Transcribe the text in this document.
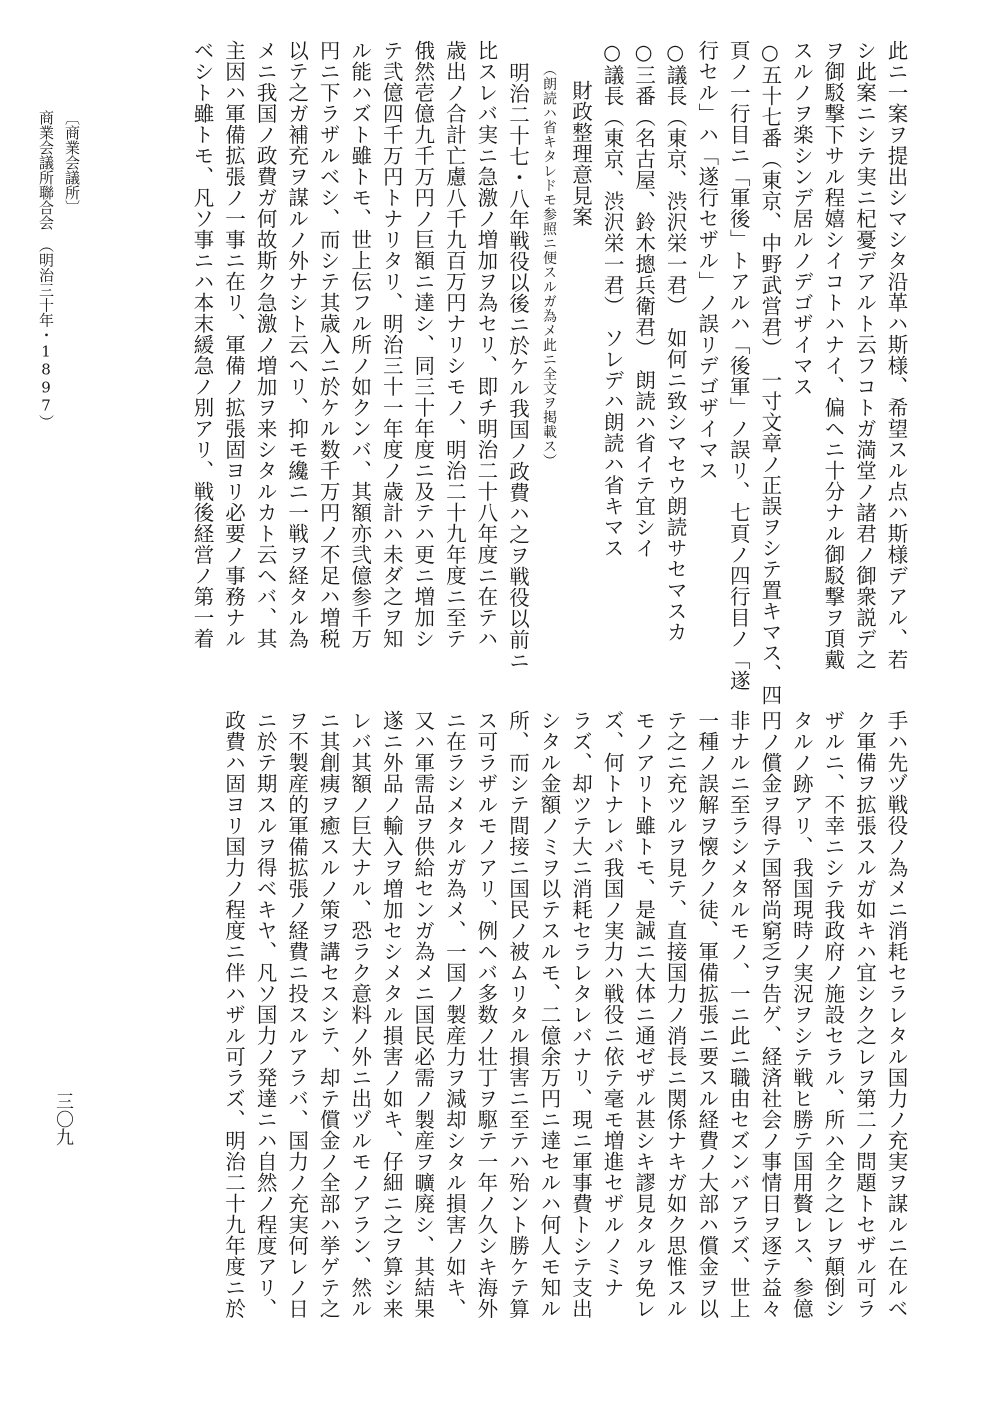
此ニ一案ヲ提出シマシタ沿革ハ斯様、希望スル点ハ斯様デアル、若
シ此案ニシテ実ニ杞憂デアルト云フコトガ満堂ノ諸君ノ御衆説デ之
ヲ御駁撃下サル程嬉シイコトハナイ、偏ヘニ十分ナル御駁撃ヲ頂戴
スルノヲ楽シンデ居ルノデゴザイマス
○五十七番（東京、中野武営君）　一寸文章ノ正誤ヲシテ置キマス、四
頁ノ一行目ニ「軍後」トアルハ「後軍」ノ誤リ、七頁ノ四行目ノ「遂
行セル」ハ「遂行セザル」ノ誤リデゴザイマス
○議長（東京、渋沢栄一君）　如何ニ致シマセウ朗読サセマスカ
○三番（名古屋、鈴木摠兵衛君）　朗読ハ省イテ宜シイ
○議長（東京、渋沢栄一君）　ソレデハ朗読ハ省キマス
財政整理意見案
（朗読ハ省キタレドモ参照ニ便スルガ為メ此ニ全文ヲ掲載ス）
明治二十七・八年戦役以後ニ於ケル我国ノ政費ハ之ヲ戦役以前ニ
比スレバ実ニ急激ノ増加ヲ為セリ、即チ明治二十八年度ニ在テハ
歳出ノ合計亡慮八千九百万円ナリシモノ、明治二十九年度ニ至テ
俄然壱億九千万円ノ巨額ニ達シ、同三十年度ニ及テハ更ニ増加シ
テ弐億四千万円トナリタリ、明治三十一年度ノ歳計ハ未ダ之ヲ知
ル能ハズト雖トモ、世上伝フル所ノ如クンバ、其額亦弐億参千万
円ニ下ラザルベシ、而シテ其歳入ニ於ケル数千万円ノ不足ハ増税
以テ之ガ補充ヲ謀ルノ外ナシト云ヘリ、抑モ纔ニ一戦ヲ経タル為
メニ我国ノ政費ガ何故斯ク急激ノ増加ヲ来シタルカト云ヘバ、其
主因ハ軍備拡張ノ一事ニ在リ、軍備ノ拡張固ヨリ必要ノ事務ナル
ベシト雖トモ、凡ソ事ニハ本末緩急ノ別アリ、戦後経営ノ第一着
手ハ先ヅ戦役ノ為メニ消耗セラレタル国力ノ充実ヲ謀ルニ在ルベ
ク軍備ヲ拡張スルガ如キハ宜シク之レヲ第二ノ問題トセザル可ラ
ザルニ、不幸ニシテ我政府ノ施設セラル、所ハ全ク之レヲ顛倒シ
タルノ跡アリ、我国現時ノ実況ヲシテ戦ヒ勝テ国用贅レス、参億
円ノ償金ヲ得テ国帑尚窮乏ヲ告ゲ、経済社会ノ事情日ヲ逐テ益々
非ナルニ至ラシメタルモノ、一ニ此ニ職由セズンバアラズ、世上
一種ノ誤解ヲ懐クノ徒、軍備拡張ニ要スル経費ノ大部ハ償金ヲ以
テ之ニ充ツルヲ見テ、直接国力ノ消長ニ関係ナキガ如ク思惟スル
モノアリト雖トモ、是誠ニ大体ニ通ゼザル甚シキ謬見タルヲ免レ
ズ、何トナレバ我国ノ実力ハ戦役ニ依テ毫モ増進セザルノミナ
ラズ、却ツテ大ニ消耗セラレタレバナリ、現ニ軍事費トシテ支出
シタル金額ノミヲ以テスルモ、二億余万円ニ達セルハ何人モ知ル
所、而シテ間接ニ国民ノ被ムリタル損害ニ至テハ殆ント勝ケテ算
ス可ラザルモノアリ、例ヘバ多数ノ壮丁ヲ駆テ一年ノ久シキ海外
ニ在ラシメタルガ為メ、一国ノ製産力ヲ減却シタル損害ノ如キ、
又ハ軍需品ヲ供給センガ為メニ国民必需ノ製産ヲ曠廃シ、其結果
遂ニ外品ノ輸入ヲ増加セシメタル損害ノ如キ、仔細ニ之ヲ算シ来
レバ其額ノ巨大ナル、恐ラク意料ノ外ニ出ヅルモノアラン、然ル
ニ其創痍ヲ癒スルノ策ヲ講セスシテ、却テ償金ノ全部ハ挙ゲテ之
ヲ不製産的軍備拡張ノ経費ニ投スルアラバ、国力ノ充実何レノ日
ニ於テ期スルヲ得ベキヤ、凡ソ国力ノ発達ニハ自然ノ程度アリ、
政費ハ固ヨリ国力ノ程度ニ伴ハザル可ラズ、明治二十九年度ニ於
〔商業会議所〕
商業会議所聯合会　（明治三十年・1897）
三〇九
